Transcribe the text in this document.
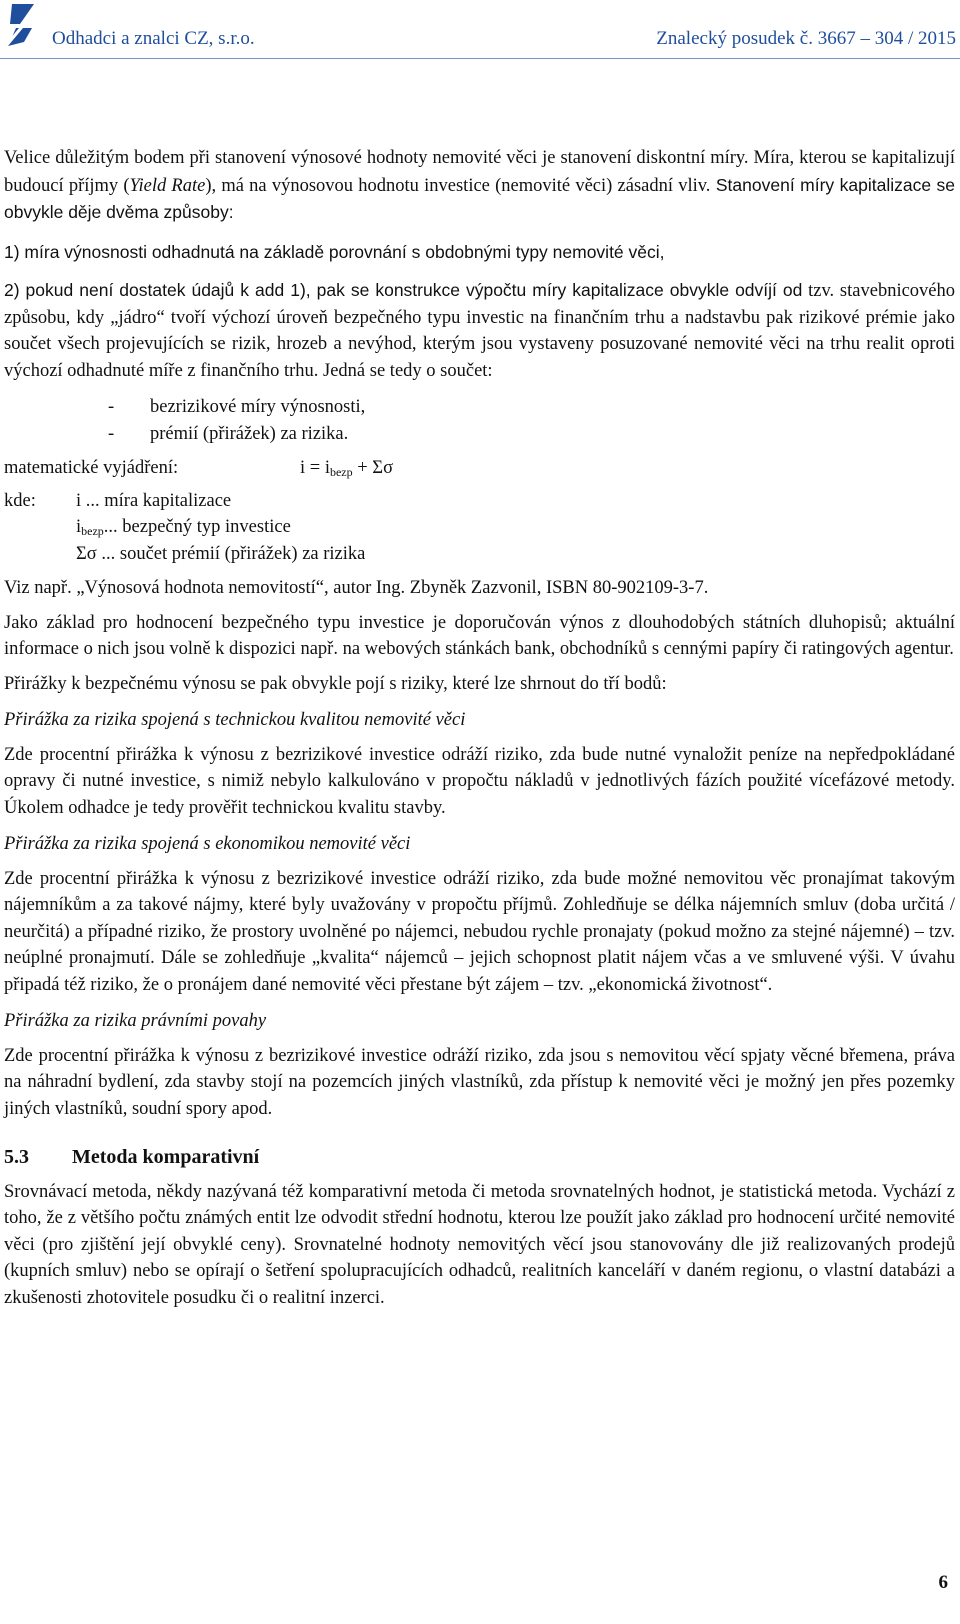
Odhadci a znalci CZ, s.r.o.	Znalecký posudek č. 3667 – 304 / 2015

Velice důležitým bodem při stanovení výnosové hodnoty nemovité věci je stanovení diskontní míry. Míra, kterou se kapitalizují budoucí příjmy (Yield Rate), má na výnosovou hodnotu investice (nemovité věci) zásadní vliv. Stanovení míry kapitalizace se obvykle děje dvěma způsoby:

1) míra výnosnosti odhadnutá na základě porovnání s obdobnými typy nemovité věci,

2) pokud není dostatek údajů k add 1), pak se konstrukce výpočtu míry kapitalizace obvykle odvíjí od tzv. stavebnicového způsobu, kdy „jádro“ tvoří výchozí úroveň bezpečného typu investic na finančním trhu a nadstavbu pak rizikové prémie jako součet všech projevujících se rizik, hrozeb a nevýhod, kterým jsou vystaveny posuzované nemovité věci na trhu realit oproti výchozí odhadnuté míře z finančního trhu. Jedná se tedy o součet:

-	bezrizikové míry výnosnosti,
-	prémií (přirážek) za rizika.
matematické vyjádření:	$i = i_{bezp} + \Sigma\sigma$
kde:	i ... míra kapitalizace
$i_{bezp}$... bezpečný typ investice
Σσ ... součet prémií (přirážek) za rizika

Viz např. „Výnosová hodnota nemovitostí“, autor Ing. Zbyněk Zazvonil, ISBN 80-902109-3-7.

Jako základ pro hodnocení bezpečného typu investice je doporučován výnos z dlouhodobých státních dluhopisů; aktuální informace o nich jsou volně k dispozici např. na webových stánkách bank, obchodníků s cennými papíry či ratingových agentur.

Přirážky k bezpečnému výnosu se pak obvykle pojí s riziky, které lze shrnout do tří bodů:

Přirážka za rizika spojená s technickou kvalitou nemovité věci

Zde procentní přirážka k výnosu z bezrizikové investice odráží riziko, zda bude nutné vynaložit peníze na nepředpokládané opravy či nutné investice, s nimiž nebylo kalkulováno v propočtu nákladů v jednotlivých fázích použité vícefázové metody. Úkolem odhadce je tedy prověřit technickou kvalitu stavby.

Přirážka za rizika spojená s ekonomikou nemovité věci

Zde procentní přirážka k výnosu z bezrizikové investice odráží riziko, zda bude možné nemovitou věc pronajímat takovým nájemníkům a za takové nájmy, které byly uvažovány v propočtu příjmů. Zohledňuje se délka nájemních smluv (doba určitá / neurčitá) a případné riziko, že prostory uvolněné po nájemci, nebudou rychle pronajaty (pokud možno za stejné nájemné) – tzv. neúplné pronajmutí. Dále se zohledňuje „kvalita“ nájemců – jejich schopnost platit nájem včas a ve smluvené výši. V úvahu připadá též riziko, že o pronájem dané nemovité věci přestane být zájem – tzv. „ekonomická životnost“.

Přirážka za rizika právními povahy

Zde procentní přirážka k výnosu z bezrizikové investice odráží riziko, zda jsou s nemovitou věcí spjaty věcné břemena, práva na náhradní bydlení, zda stavby stojí na pozemcích jiných vlastníků, zda přístup k nemovité věci je možný jen přes pozemky jiných vlastníků, soudní spory apod.

5.3	Metoda komparativní

Srovnávací metoda, někdy nazývaná též komparativní metoda či metoda srovnatelných hodnot, je statistická metoda. Vychází z toho, že z většího počtu známých entit lze odvodit střední hodnotu, kterou lze použít jako základ pro hodnocení určité nemovité věci (pro zjištění její obvyklé ceny). Srovnatelné hodnoty nemovitých věcí jsou stanovovány dle již realizovaných prodejů (kupních smluv) nebo se opírají o šetření spolupracujících odhadců, realitních kanceláří v daném regionu, o vlastní databázi a zkušenosti zhotovitele posudku či o realitní inzerci.

6
